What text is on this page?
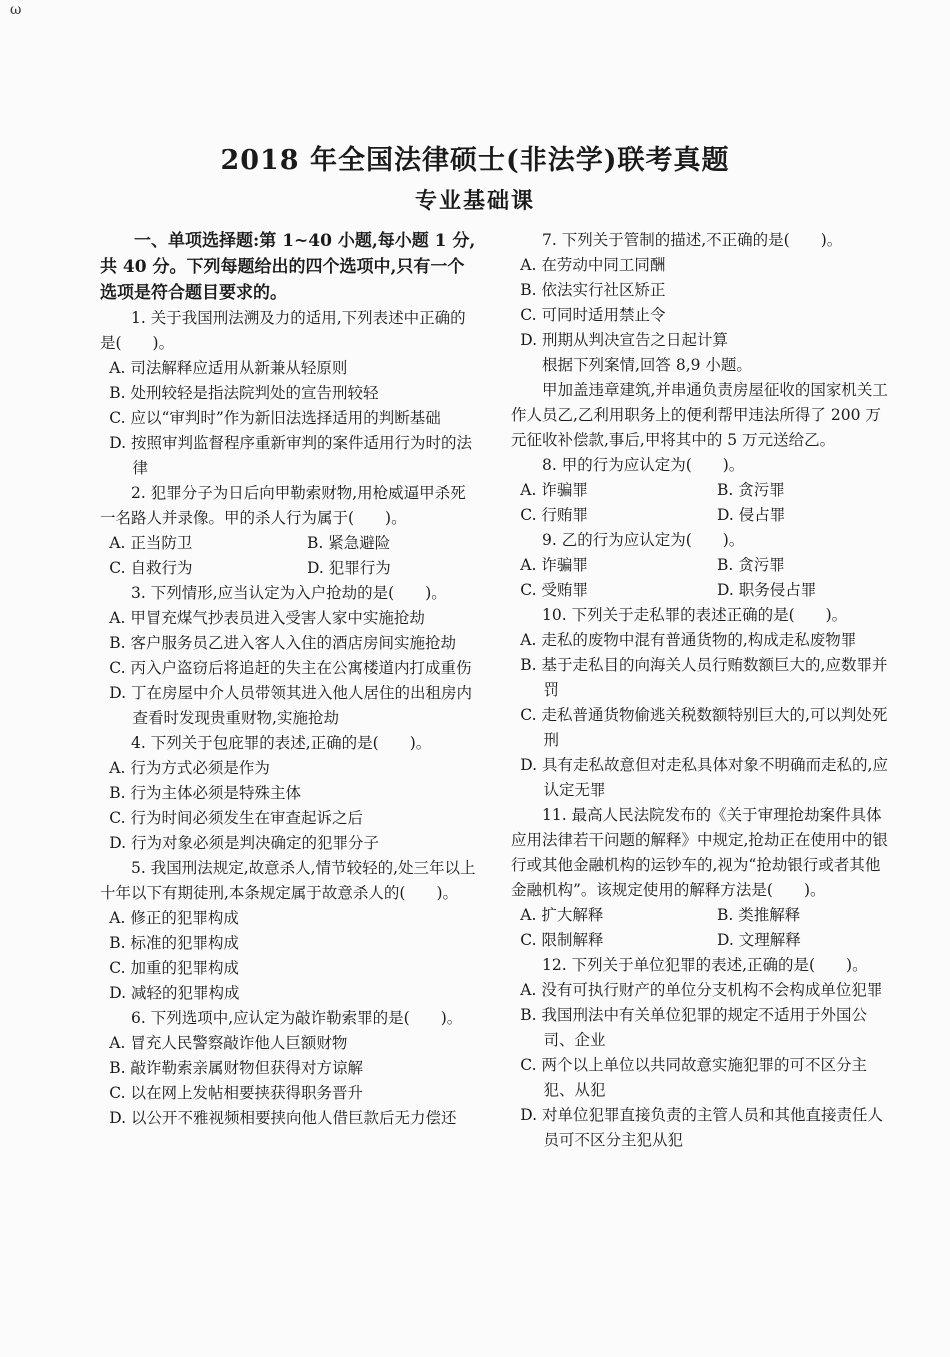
ω
2018 年全国法律硕士(非法学)联考真题
专业基础课
一、单项选择题:第 1~40 小题,每小题 1 分,共 40 分。下列每题给出的四个选项中,只有一个选项是符合题目要求的。
1. 关于我国刑法溯及力的适用,下列表述中正确的是(　　)。
A. 司法解释应适用从新兼从轻原则
B. 处刑较轻是指法院判处的宣告刑较轻
C. 应以“审判时”作为新旧法选择适用的判断基础
D. 按照审判监督程序重新审判的案件适用行为时的法律
2. 犯罪分子为日后向甲勒索财物,用枪威逼甲杀死一名路人并录像。甲的杀人行为属于(　　)。
A. 正当防卫	B. 紧急避险
C. 自救行为	D. 犯罪行为
3. 下列情形,应当认定为入户抢劫的是(　　)。
A. 甲冒充煤气抄表员进入受害人家中实施抢劫
B. 客户服务员乙进入客人入住的酒店房间实施抢劫
C. 丙入户盗窃后将追赶的失主在公寓楼道内打成重伤
D. 丁在房屋中介人员带领其进入他人居住的出租房内查看时发现贵重财物,实施抢劫
4. 下列关于包庇罪的表述,正确的是(　　)。
A. 行为方式必须是作为
B. 行为主体必须是特殊主体
C. 行为时间必须发生在审查起诉之后
D. 行为对象必须是判决确定的犯罪分子
5. 我国刑法规定,故意杀人,情节较轻的,处三年以上十年以下有期徒刑,本条规定属于故意杀人的(　　)。
A. 修正的犯罪构成
B. 标准的犯罪构成
C. 加重的犯罪构成
D. 减轻的犯罪构成
6. 下列选项中,应认定为敲诈勒索罪的是(　　)。
A. 冒充人民警察敲诈他人巨额财物
B. 敲诈勒索亲属财物但获得对方谅解
C. 以在网上发帖相要挟获得职务晋升
D. 以公开不雅视频相要挟向他人借巨款后无力偿还
7. 下列关于管制的描述,不正确的是(　　)。
A. 在劳动中同工同酬
B. 依法实行社区矫正
C. 可同时适用禁止令
D. 刑期从判决宣告之日起计算
根据下列案情,回答 8,9 小题。
甲加盖违章建筑,并串通负责房屋征收的国家机关工作人员乙,乙利用职务上的便利帮甲违法所得了 200 万元征收补偿款,事后,甲将其中的 5 万元送给乙。
8. 甲的行为应认定为(　　)。
A. 诈骗罪	B. 贪污罪
C. 行贿罪	D. 侵占罪
9. 乙的行为应认定为(　　)。
A. 诈骗罪	B. 贪污罪
C. 受贿罪	D. 职务侵占罪
10. 下列关于走私罪的表述正确的是(　　)。
A. 走私的废物中混有普通货物的,构成走私废物罪
B. 基于走私目的向海关人员行贿数额巨大的,应数罪并罚
C. 走私普通货物偷逃关税数额特别巨大的,可以判处死刑
D. 具有走私故意但对走私具体对象不明确而走私的,应认定无罪
11. 最高人民法院发布的《关于审理抢劫案件具体应用法律若干问题的解释》中规定,抢劫正在使用中的银行或其他金融机构的运钞车的,视为“抢劫银行或者其他金融机构”。该规定使用的解释方法是(　　)。
A. 扩大解释	B. 类推解释
C. 限制解释	D. 文理解释
12. 下列关于单位犯罪的表述,正确的是(　　)。
A. 没有可执行财产的单位分支机构不会构成单位犯罪
B. 我国刑法中有关单位犯罪的规定不适用于外国公司、企业
C. 两个以上单位以共同故意实施犯罪的可不区分主犯、从犯
D. 对单位犯罪直接负责的主管人员和其他直接责任人员可不区分主犯从犯
